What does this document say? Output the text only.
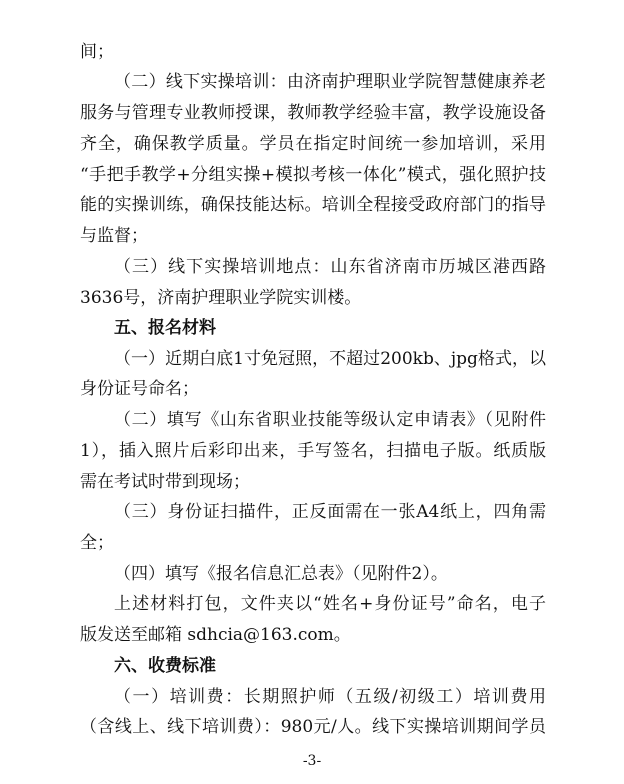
间；
（二）线下实操培训：由济南护理职业学院智慧健康养老
服务与管理专业教师授课，教师教学经验丰富，教学设施设备
齐全，确保教学质量。学员在指定时间统一参加培训，采用
“手把手教学+分组实操+模拟考核一体化”模式，强化照护技
能的实操训练，确保技能达标。培训全程接受政府部门的指导
与监督；
（三）线下实操培训地点：山东省济南市历城区港西路
3636号，济南护理职业学院实训楼。
五、报名材料
（一）近期白底1寸免冠照，不超过200kb、jpg格式，以
身份证号命名；
（二）填写《山东省职业技能等级认定申请表》（见附件
1），插入照片后彩印出来，手写签名，扫描电子版。纸质版
需在考试时带到现场；
（三）身份证扫描件，正反面需在一张A4纸上，四角需
全；
（四）填写《报名信息汇总表》（见附件2）。
上述材料打包，文件夹以“姓名+身份证号”命名，电子
版发送至邮箱 sdhcia@163.com。
六、收费标准
（一）培训费：长期照护师（五级/初级工）培训费用
（含线上、线下培训费）：980元/人。线下实操培训期间学员
-3-
